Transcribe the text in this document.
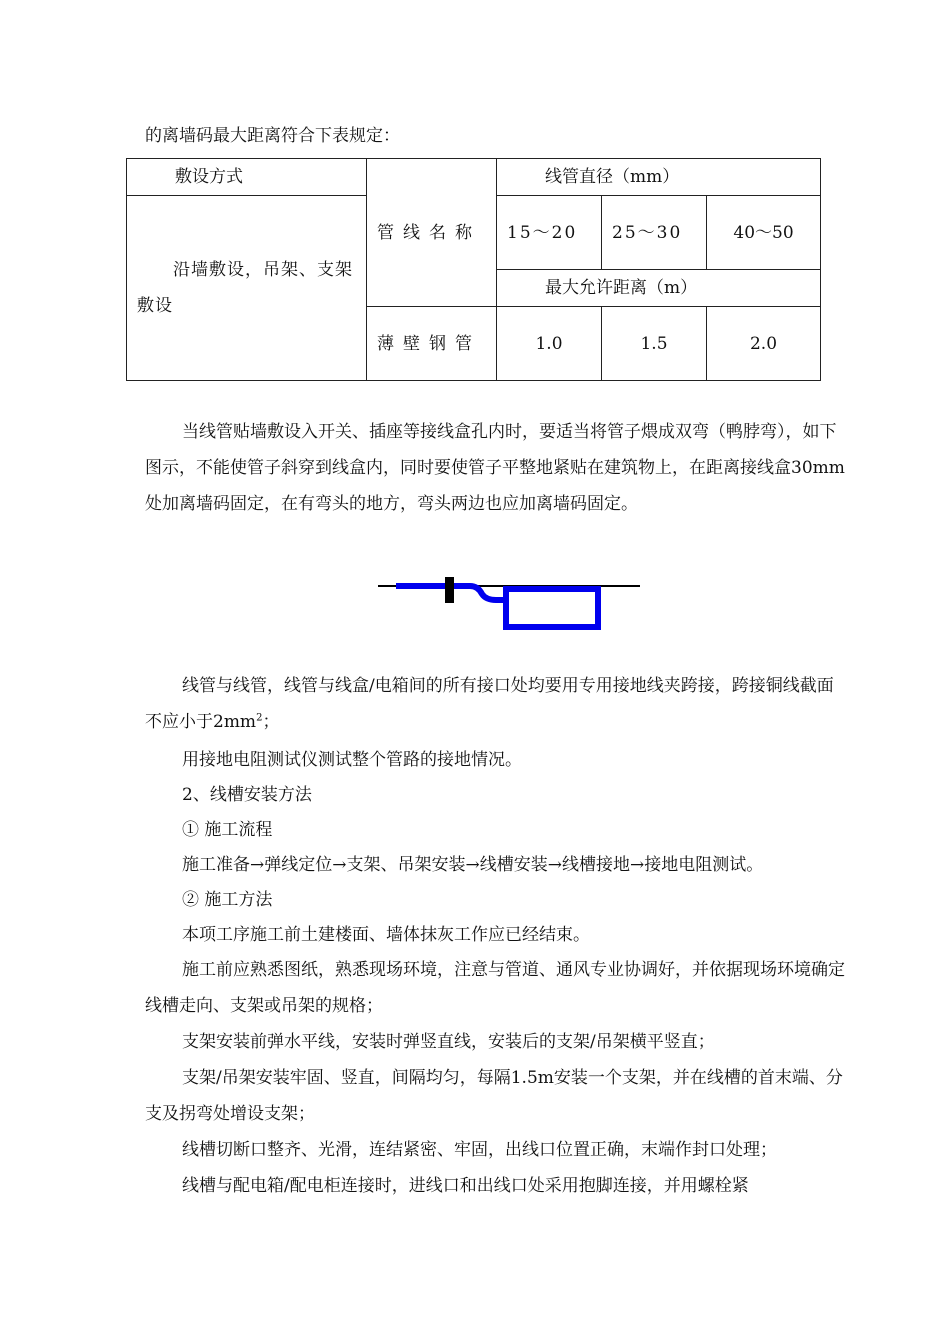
的离墙码最大距离符合下表规定：
敷设方式	管线名称	线管直径（mm）		

沿墙敷设，吊架、支架敷设		15～20	25～30	40～50
		最大允许距离（m）		
	薄壁钢管	1.0	1.5	2.0
当线管贴墙敷设入开关、插座等接线盒孔内时，要适当将管子煨成双弯（鸭脖弯），如下图示，不能使管子斜穿到线盒内，同时要使管子平整地紧贴在建筑物上，在距离接线盒30mm处加离墙码固定，在有弯头的地方，弯头两边也应加离墙码固定。
线管与线管，线管与线盒/电箱间的所有接口处均要用专用接地线夹跨接，跨接铜线截面不应小于$2mm^2$；
用接地电阻测试仪测试整个管路的接地情况。
2、线槽安装方法
① 施工流程
施工准备→弹线定位→支架、吊架安装→线槽安装→线槽接地→接地电阻测试。
② 施工方法
本项工序施工前土建楼面、墙体抹灰工作应已经结束。
施工前应熟悉图纸，熟悉现场环境，注意与管道、通风专业协调好，并依据现场环境确定线槽走向、支架或吊架的规格；
支架安装前弹水平线，安装时弹竖直线，安装后的支架/吊架横平竖直；
支架/吊架安装牢固、竖直，间隔均匀，每隔1.5m安装一个支架，并在线槽的首末端、分支及拐弯处增设支架；
线槽切断口整齐、光滑，连结紧密、牢固，出线口位置正确，末端作封口处理；
线槽与配电箱/配电柜连接时，进线口和出线口处采用抱脚连接，并用螺栓紧
